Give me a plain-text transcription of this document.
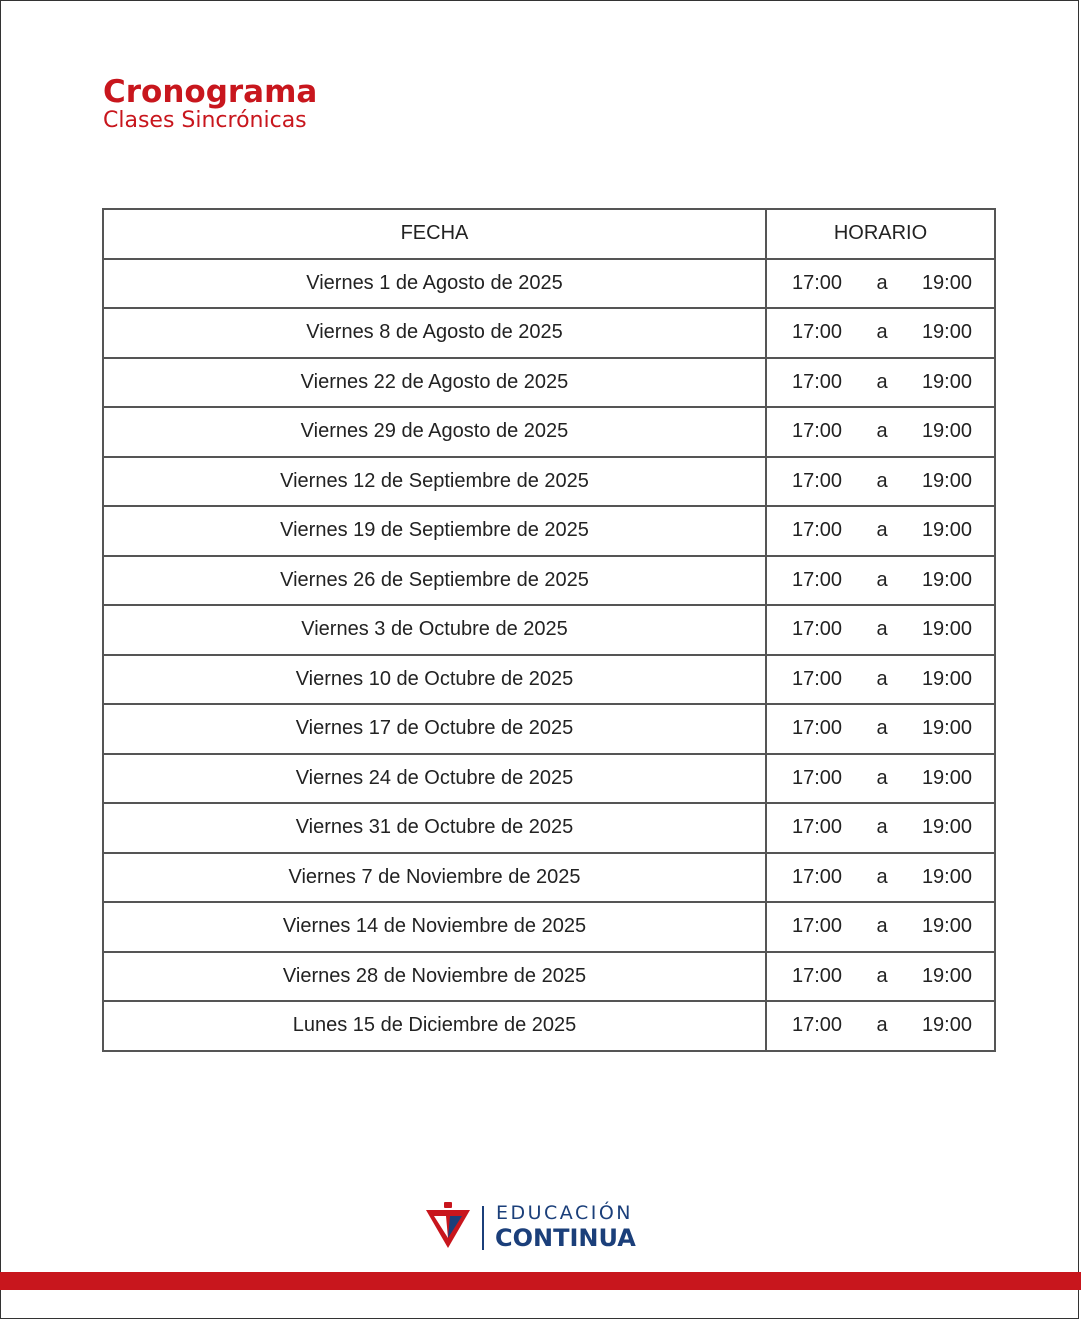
Cronograma

Clases Sincrónicas

FECHA	HORARIO
Viernes 1 de Agosto de 2025	17:00 a 19:00

Viernes 8 de Agosto de 2025	17:00 a 19:00

Viernes 22 de Agosto de 2025	17:00 a 19:00

Viernes 29 de Agosto de 2025	17:00 a 19:00

Viernes 12 de Septiembre de 2025	17:00 a 19:00

Viernes 19 de Septiembre de 2025	17:00 a 19:00

Viernes 26 de Septiembre de 2025	17:00 a 19:00

Viernes 3 de Octubre de 2025	17:00 a 19:00

Viernes 10 de Octubre de 2025	17:00 a 19:00

Viernes 17 de Octubre de 2025	17:00 a 19:00

Viernes 24 de Octubre de 2025	17:00 a 19:00

Viernes 31 de Octubre de 2025	17:00 a 19:00

Viernes 7 de Noviembre de 2025	17:00 a 19:00

Viernes 14 de Noviembre de 2025	17:00 a 19:00

Viernes 28 de Noviembre de 2025	17:00 a 19:00

Lunes 15 de Diciembre de 2025	17:00 a 19:00
EDUCACIÓN
CONTINUA
